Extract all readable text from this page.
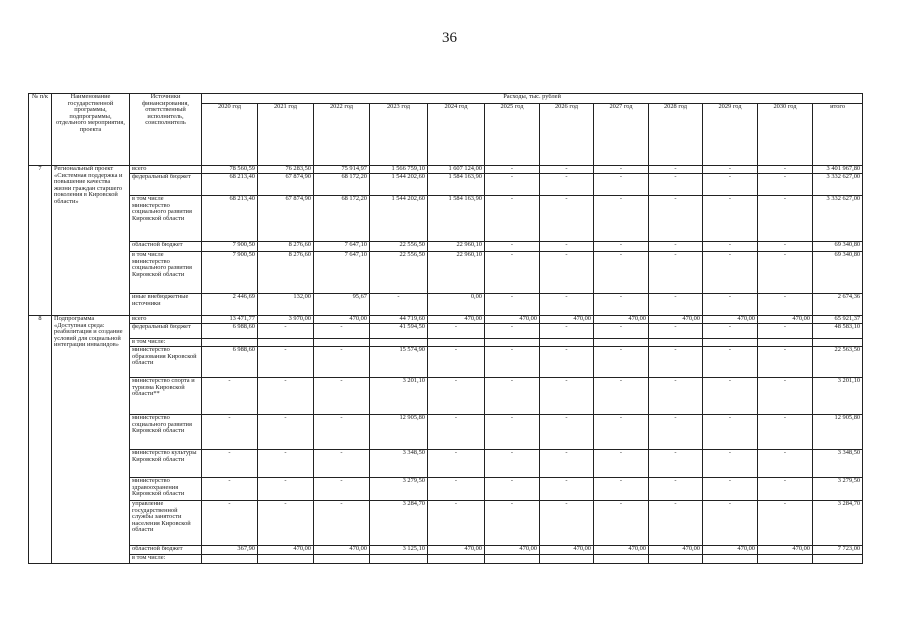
36
№ п/к	Наименование государственной программы, подпрограммы, отдельного мероприятия, проекта	Источники финансирования, ответственный исполнитель, соисполнитель	Расходы, тыс. рублей											
			2020 год	2021 год	2022 год	2023 год	2024 год	2025 год	2026 год	2027 год	2028 год	2029 год	2030 год	итого
7	Региональный проект «Системная поддержка и повышение качества жизни граждан старшего поколения в Кировской области»	всего	78 560,59	76 283,50	75 914,97	1 566 759,10	1 607 124,00	-	-	-	-	-	-	3 401 967,80
		федеральный бюджет	68 213,40	67 874,90	68 172,20	1 544 202,60	1 584 163,90	-	-	-	-	-	-	3 332 627,00
		в том числе министерство социального развития Кировской области	68 213,40	67 874,90	68 172,20	1 544 202,60	1 584 163,90	-	-	-	-	-	-	3 332 627,00
		областной бюджет	7 900,50	8 276,60	7 647,10	22 556,50	22 960,10	-	-	-	-	-	-	69 340,80
		в том числе министерство социального развития Кировской области	7 900,50	8 276,60	7 647,10	22 556,50	22 960,10	-	-	-	-	-	-	69 340,80
		иные внебюджетные источники	2 446,69	132,00	95,67	-	0,00	-	-	-	-	-	-	2 674,36
8	Подпрограмма «Доступная среда: реабилитация и создание условий для социальной интеграции инвалидов»	всего	13 471,77	3 970,00	470,00	44 719,60	470,00	470,00	470,00	470,00	470,00	470,00	470,00	65 921,37
		федеральный бюджет	6 988,60	-	-	41 594,50	-	-	-	-	-	-	-	48 583,10
		в том числе:												
		министерство образования Кировской области	6 988,60	-	-	15 574,90	-	-	-	-	-	-	-	22 563,50
		министерство спорта и туризма Кировской области**	-	-	-	3 201,10	-	-	-	-	-	-	-	3 201,10
		министерство социального развития Кировской области	-	-	-	12 905,80	-	-	-	-	-	-	-	12 905,80
		министерство культуры Кировской области	-	-	-	3 348,50	-	-	-	-	-	-	-	3 348,50
		министерство здравоохранения Кировской области	-	-	-	3 279,50	-	-	-	-	-	-	-	3 279,50
		управление государственной службы занятости населения Кировской области	-	-	-	3 284,70	-	-	-	-	-	-	-	3 284,70
		областной бюджет	367,90	470,00	470,00	3 125,10	470,00	470,00	470,00	470,00	470,00	470,00	470,00	7 723,00
		в том числе:												
